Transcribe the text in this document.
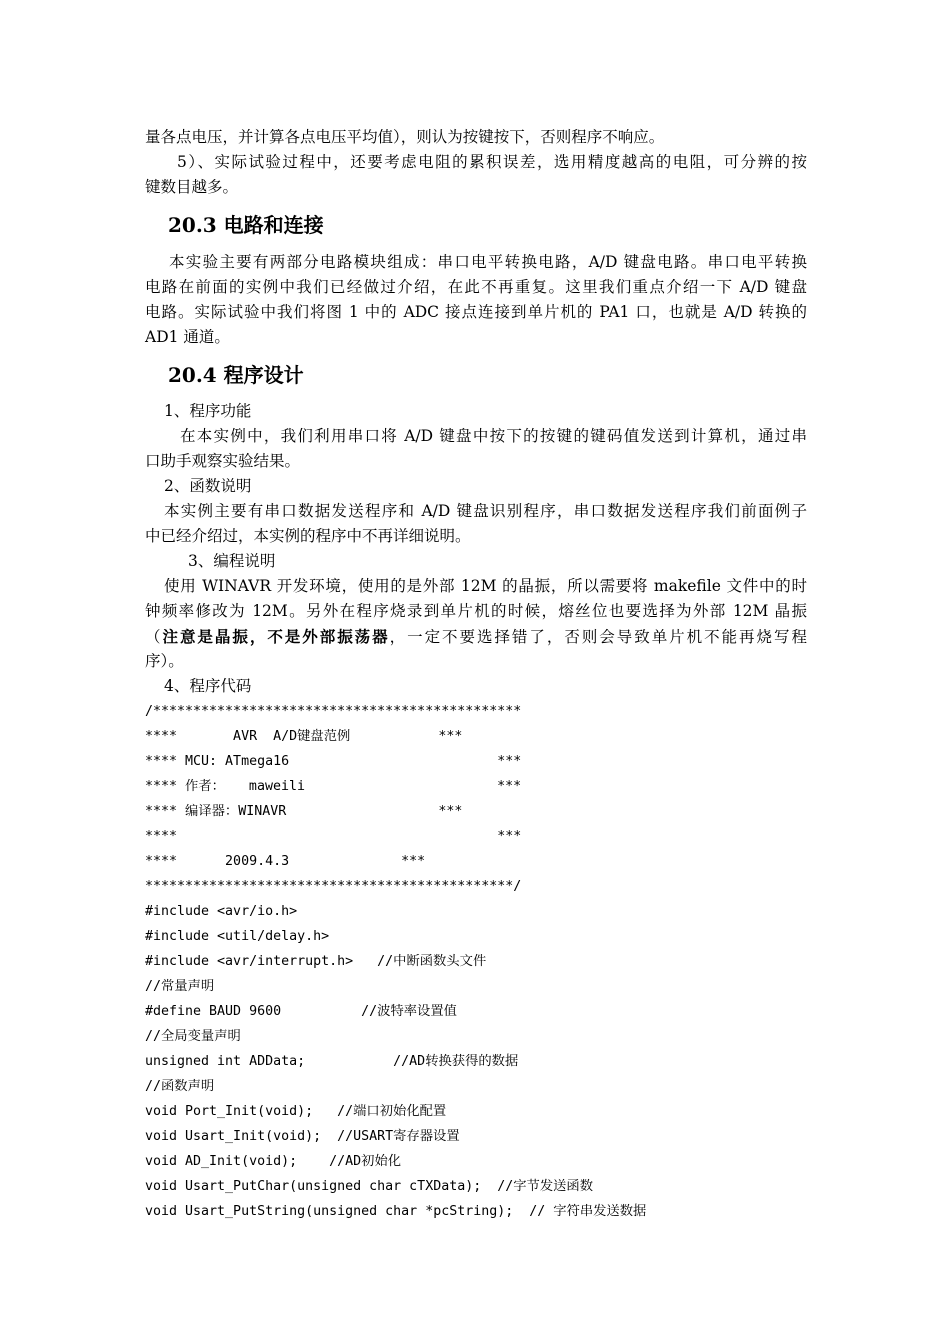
量各点电压，并计算各点电压平均值），则认为按键按下，否则程序不响应。

5）、实际试验过程中，还要考虑电阻的累积误差，选用精度越高的电阻，可分辨的按

键数目越多。

20.3 电路和连接

本实验主要有两部分电路模块组成：串口电平转换电路，A/D 键盘电路。串口电平转换

电路在前面的实例中我们已经做过介绍，在此不再重复。这里我们重点介绍一下 A/D 键盘

电路。实际试验中我们将图 1 中的 ADC 接点连接到单片机的 PA1 口，也就是 A/D 转换的

AD1 通道。

20.4 程序设计

1、程序功能

在本实例中，我们利用串口将 A/D 键盘中按下的按键的键码值发送到计算机，通过串

口助手观察实验结果。

2、函数说明

本实例主要有串口数据发送程序和 A/D 键盘识别程序，串口数据发送程序我们前面例子

中已经介绍过，本实例的程序中不再详细说明。

3、编程说明

使用 WINAVR 开发环境，使用的是外部 12M 的晶振，所以需要将 makefile 文件中的时

钟频率修改为 12M。另外在程序烧录到单片机的时候，熔丝位也要选择为外部 12M 晶振

（注意是晶振，不是外部振荡器，一定不要选择错了，否则会导致单片机不能再烧写程

序）。

4、程序代码

/**********************************************
****       AVR  A/D键盘范例           ***
**** MCU: ATmega16                          ***
**** 作者：   maweili                        ***
**** 编译器：WINAVR                   ***
****                                        ***
****      2009.4.3              ***
**********************************************/
#include <avr/io.h>
#include <util/delay.h>
#include <avr/interrupt.h>   //中断函数头文件
//常量声明
#define BAUD 9600          //波特率设置值
//全局变量声明
unsigned int ADData;           //AD转换获得的数据
//函数声明
void Port_Init(void);   //端口初始化配置
void Usart_Init(void);  //USART寄存器设置
void AD_Init(void);    //AD初始化
void Usart_PutChar(unsigned char cTXData);  //字节发送函数
void Usart_PutString(unsigned char *pcString);  // 字符串发送数据
